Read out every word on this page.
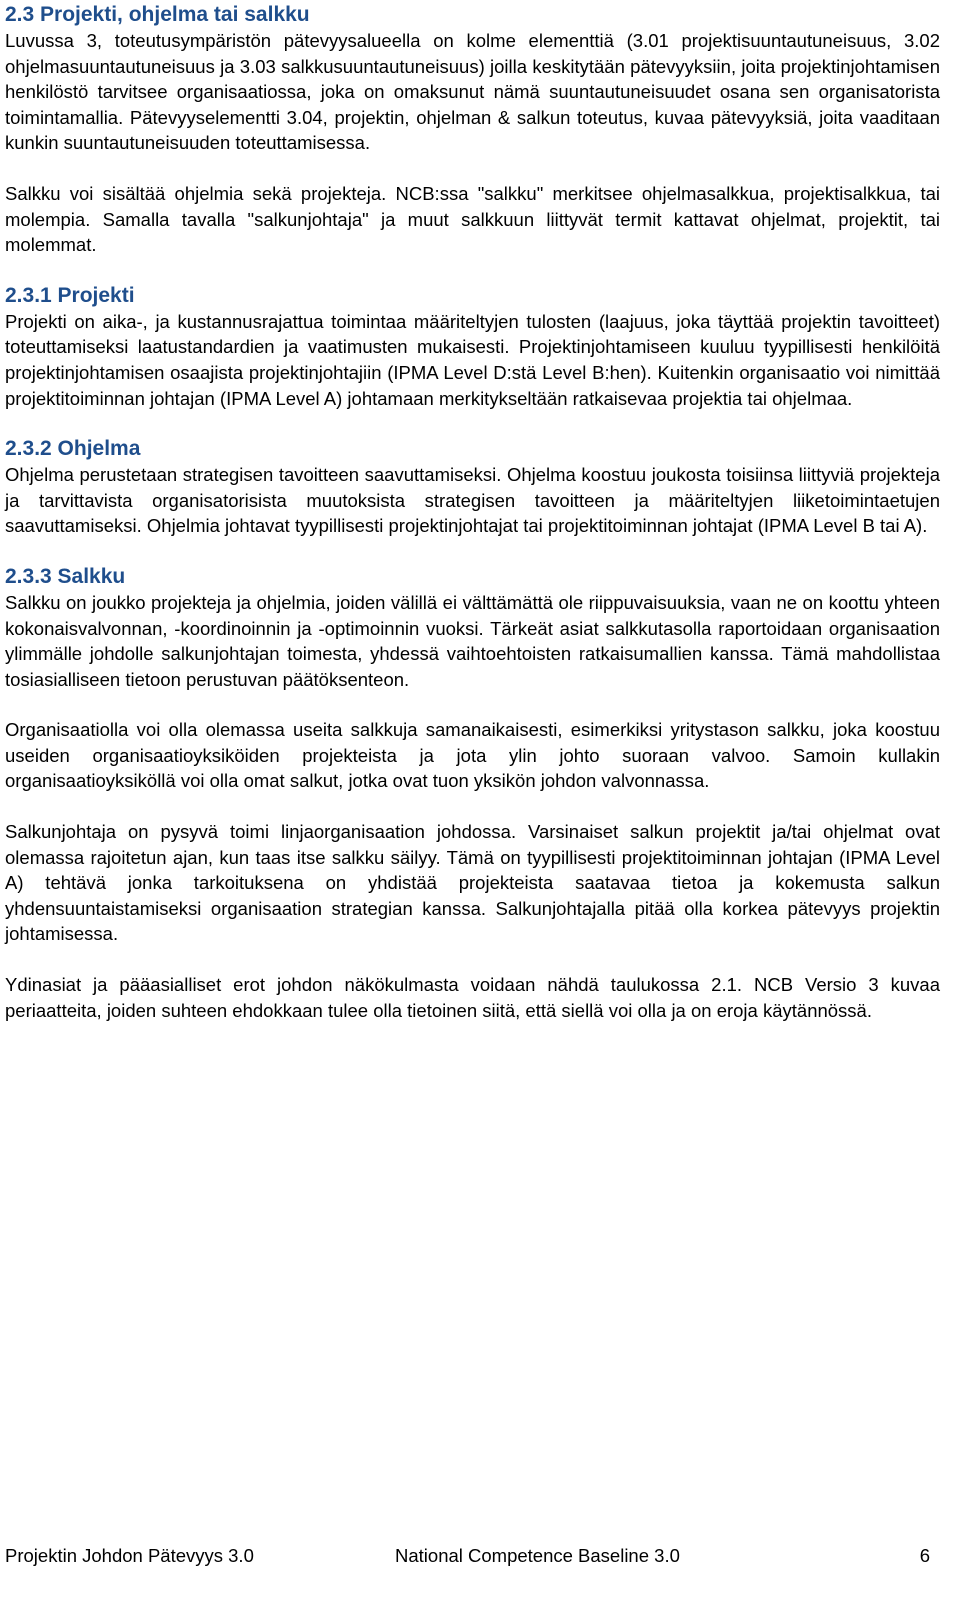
2.3 Projekti, ohjelma tai salkku

Luvussa 3, toteutusympäristön pätevyysalueella on kolme elementtiä (3.01 projektisuuntautuneisuus, 3.02 ohjelmasuuntautuneisuus ja 3.03 salkkusuuntautuneisuus) joilla keskitytään pätevyyksiin, joita projektinjohtamisen henkilöstö tarvitsee organisaatiossa, joka on omaksunut nämä suuntautuneisuudet osana sen organisatorista toimintamallia. Pätevyyselementti 3.04, projektin, ohjelman & salkun toteutus, kuvaa pätevyyksiä, joita vaaditaan kunkin suuntautuneisuuden toteuttamisessa.

Salkku voi sisältää ohjelmia sekä projekteja. NCB:ssa "salkku" merkitsee ohjelmasalkkua, projektisalkkua, tai molempia. Samalla tavalla "salkunjohtaja" ja muut salkkuun liittyvät termit kattavat ohjelmat, projektit, tai molemmat.

2.3.1 Projekti

Projekti on aika-, ja kustannusrajattua toimintaa määriteltyjen tulosten (laajuus, joka täyttää projektin tavoitteet) toteuttamiseksi laatustandardien ja vaatimusten mukaisesti. Projektinjohtamiseen kuuluu tyypillisesti henkilöitä projektinjohtamisen osaajista projektinjohtajiin (IPMA Level D:stä Level B:hen). Kuitenkin organisaatio voi nimittää projektitoiminnan johtajan (IPMA Level A) johtamaan merkitykseltään ratkaisevaa projektia tai ohjelmaa.

2.3.2 Ohjelma

Ohjelma perustetaan strategisen tavoitteen saavuttamiseksi. Ohjelma koostuu joukosta toisiinsa liittyviä projekteja ja tarvittavista organisatorisista muutoksista strategisen tavoitteen ja määriteltyjen liiketoimintaetujen saavuttamiseksi. Ohjelmia johtavat tyypillisesti projektinjohtajat tai projektitoiminnan johtajat (IPMA Level B tai A).

2.3.3 Salkku

Salkku on joukko projekteja ja ohjelmia, joiden välillä ei välttämättä ole riippuvaisuuksia, vaan ne on koottu yhteen kokonaisvalvonnan, -koordinoinnin ja -optimoinnin vuoksi. Tärkeät asiat salkkutasolla raportoidaan organisaation ylimmälle johdolle salkunjohtajan toimesta, yhdessä vaihtoehtoisten ratkaisumallien kanssa. Tämä mahdollistaa tosiasialliseen tietoon perustuvan päätöksenteon.

Organisaatiolla voi olla olemassa useita salkkuja samanaikaisesti, esimerkiksi yritystason salkku, joka koostuu useiden organisaatioyksiköiden projekteista ja jota ylin johto suoraan valvoo. Samoin kullakin organisaatioyksiköllä voi olla omat salkut, jotka ovat tuon yksikön johdon valvonnassa.

Salkunjohtaja on pysyvä toimi linjaorganisaation johdossa. Varsinaiset salkun projektit ja/tai ohjelmat ovat olemassa rajoitetun ajan, kun taas itse salkku säilyy. Tämä on tyypillisesti projektitoiminnan johtajan (IPMA Level A) tehtävä jonka tarkoituksena on yhdistää projekteista saatavaa tietoa ja kokemusta salkun yhdensuuntaistamiseksi organisaation strategian kanssa. Salkunjohtajalla pitää olla korkea pätevyys projektin johtamisessa.

Ydinasiat ja pääasialliset erot johdon näkökulmasta voidaan nähdä taulukossa 2.1. NCB Versio 3 kuvaa periaatteita, joiden suhteen ehdokkaan tulee olla tietoinen siitä, että siellä voi olla ja on eroja käytännössä.

Projektin Johdon Pätevyys 3.0	National Competence Baseline 3.0	6
